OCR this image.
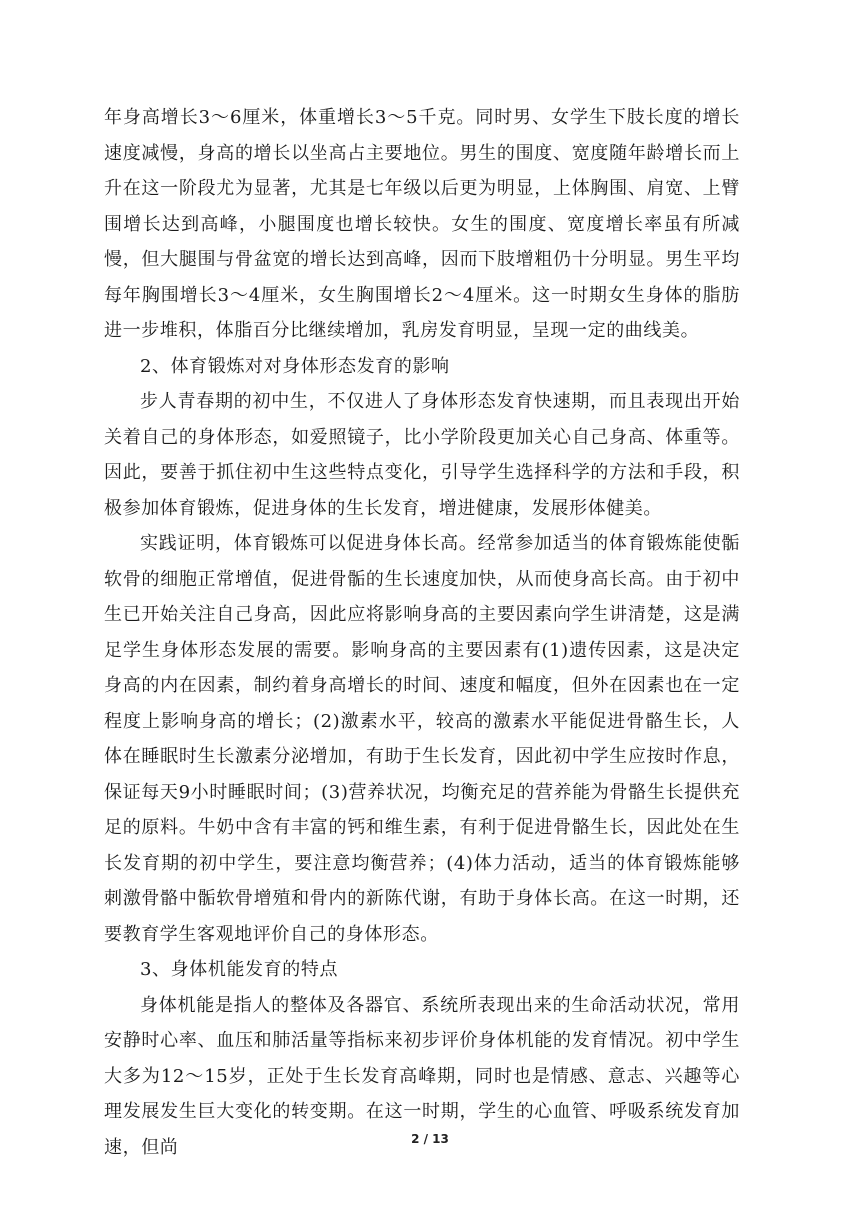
年身高增长3～6厘米，体重增长3～5千克。同时男、女学生下肢长度的增长速度减慢，身高的增长以坐高占主要地位。男生的围度、宽度随年龄增长而上升在这一阶段尤为显著，尤其是七年级以后更为明显，上体胸围、肩宽、上臂围增长达到高峰，小腿围度也增长较快。女生的围度、宽度增长率虽有所减慢，但大腿围与骨盆宽的增长达到高峰，因而下肢增粗仍十分明显。男生平均每年胸围增长3～4厘米，女生胸围增长2～4厘米。这一时期女生身体的脂肪进一步堆积，体脂百分比继续增加，乳房发育明显，呈现一定的曲线美。

2、体育锻炼对对身体形态发育的影响

步人青春期的初中生，不仅进人了身体形态发育快速期，而且表现出开始关着自己的身体形态，如爱照镜子，比小学阶段更加关心自己身高、体重等。因此，要善于抓住初中生这些特点变化，引导学生选择科学的方法和手段，积极参加体育锻炼，促进身体的生长发育，增进健康，发展形体健美。

实践证明，体育锻炼可以促进身体长高。经常参加适当的体育锻炼能使骺软骨的细胞正常增值，促进骨骺的生长速度加快，从而使身高长高。由于初中生已开始关注自己身高，因此应将影响身高的主要因素向学生讲清楚，这是满足学生身体形态发展的需要。影响身高的主要因素有(1)遗传因素，这是决定身高的内在因素，制约着身高增长的时间、速度和幅度，但外在因素也在一定程度上影响身高的增长；(2)激素水平，较高的激素水平能促进骨骼生长，人体在睡眠时生长激素分泌增加，有助于生长发育，因此初中学生应按时作息，保证每天9小时睡眠时间；(3)营养状况，均衡充足的营养能为骨骼生长提供充足的原料。牛奶中含有丰富的钙和维生素，有利于促进骨骼生长，因此处在生长发育期的初中学生，要注意均衡营养；(4)体力活动，适当的体育锻炼能够刺激骨骼中骺软骨增殖和骨内的新陈代谢，有助于身体长高。在这一时期，还要教育学生客观地评价自己的身体形态。

3、身体机能发育的特点

身体机能是指人的整体及各器官、系统所表现出来的生命活动状况，常用安静时心率、血压和肺活量等指标来初步评价身体机能的发育情况。初中学生大多为12～15岁，正处于生长发育高峰期，同时也是情感、意志、兴趣等心理发展发生巨大变化的转变期。在这一时期，学生的心血管、呼吸系统发育加速，但尚	2 / 13
